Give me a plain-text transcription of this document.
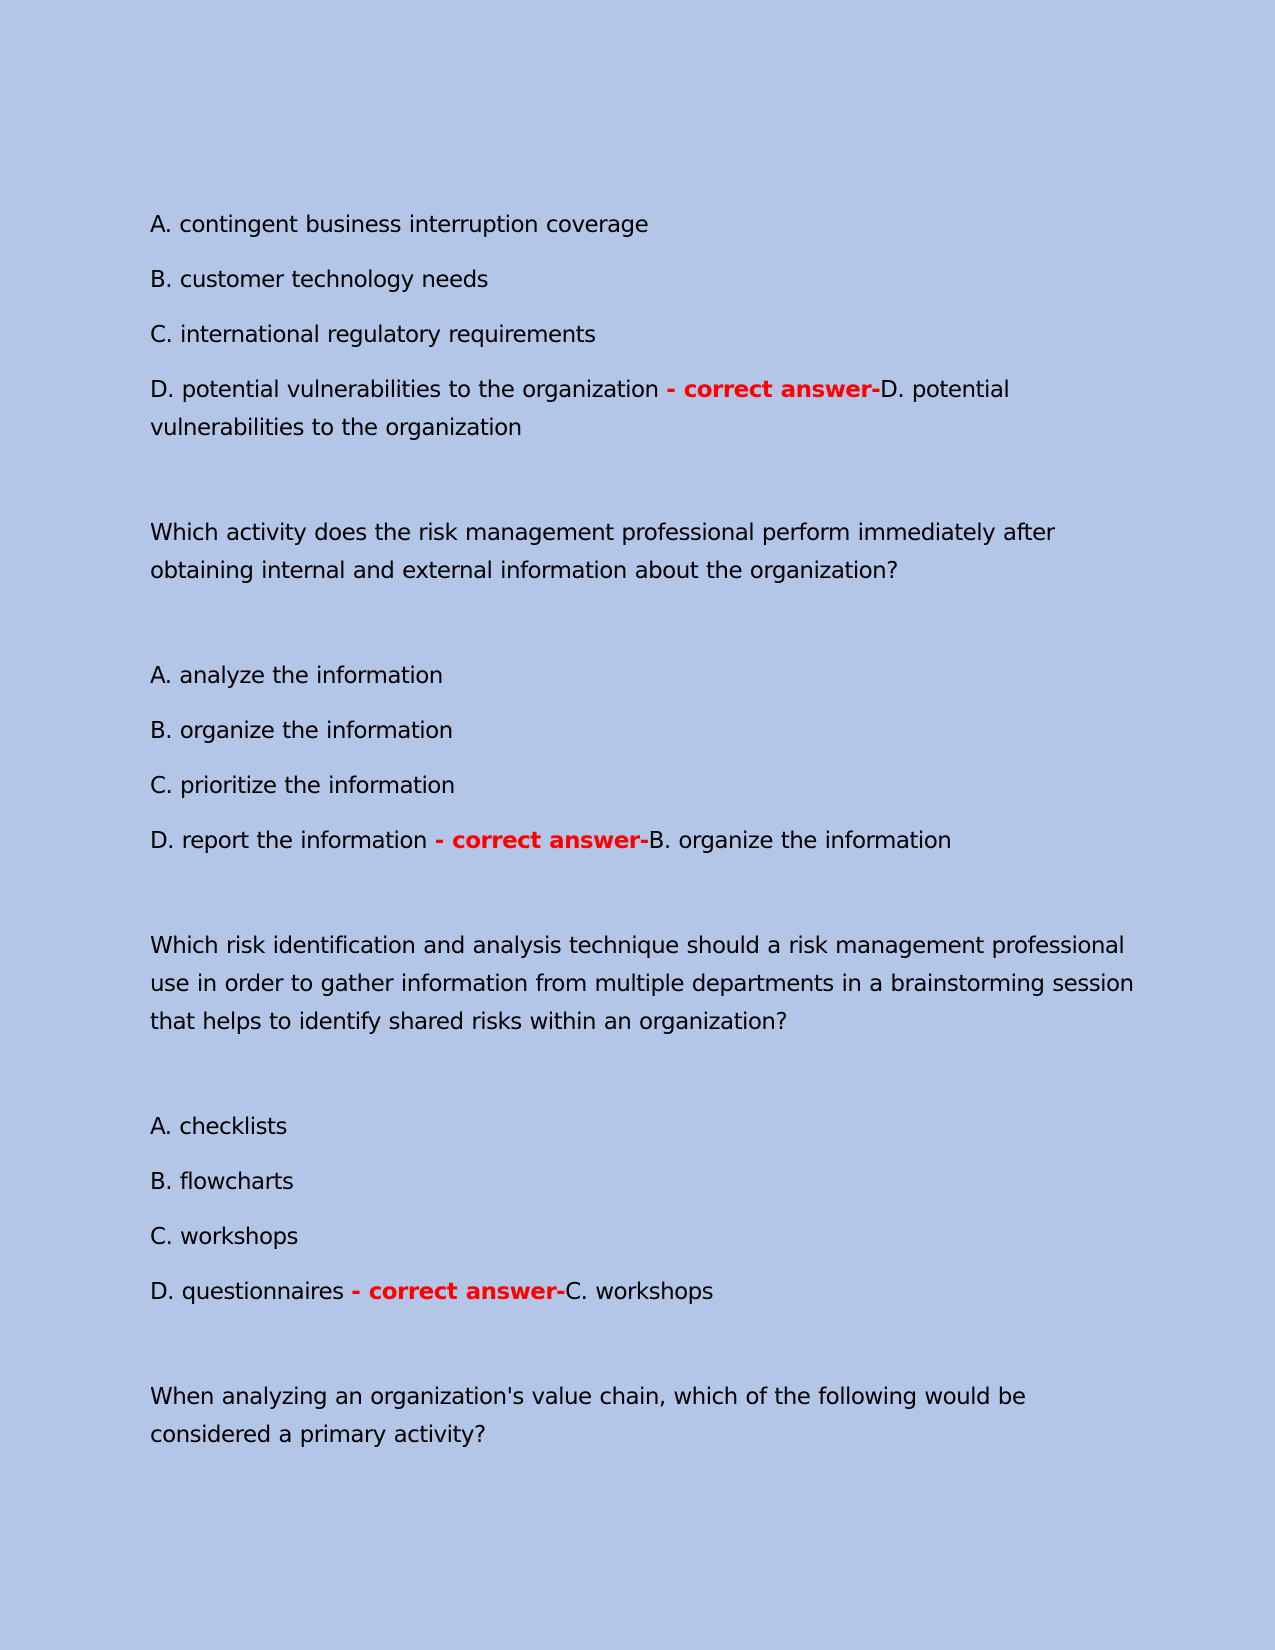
A. contingent business interruption coverage

B. customer technology needs

C. international regulatory requirements

D. potential vulnerabilities to the organization - correct answer-D. potential vulnerabilities to the organization

Which activity does the risk management professional perform immediately after obtaining internal and external information about the organization?

A. analyze the information

B. organize the information

C. prioritize the information

D. report the information - correct answer-B. organize the information

Which risk identification and analysis technique should a risk management professional use in order to gather information from multiple departments in a brainstorming session that helps to identify shared risks within an organization?

A. checklists

B. flowcharts

C. workshops

D. questionnaires - correct answer-C. workshops

When analyzing an organization's value chain, which of the following would be considered a primary activity?
